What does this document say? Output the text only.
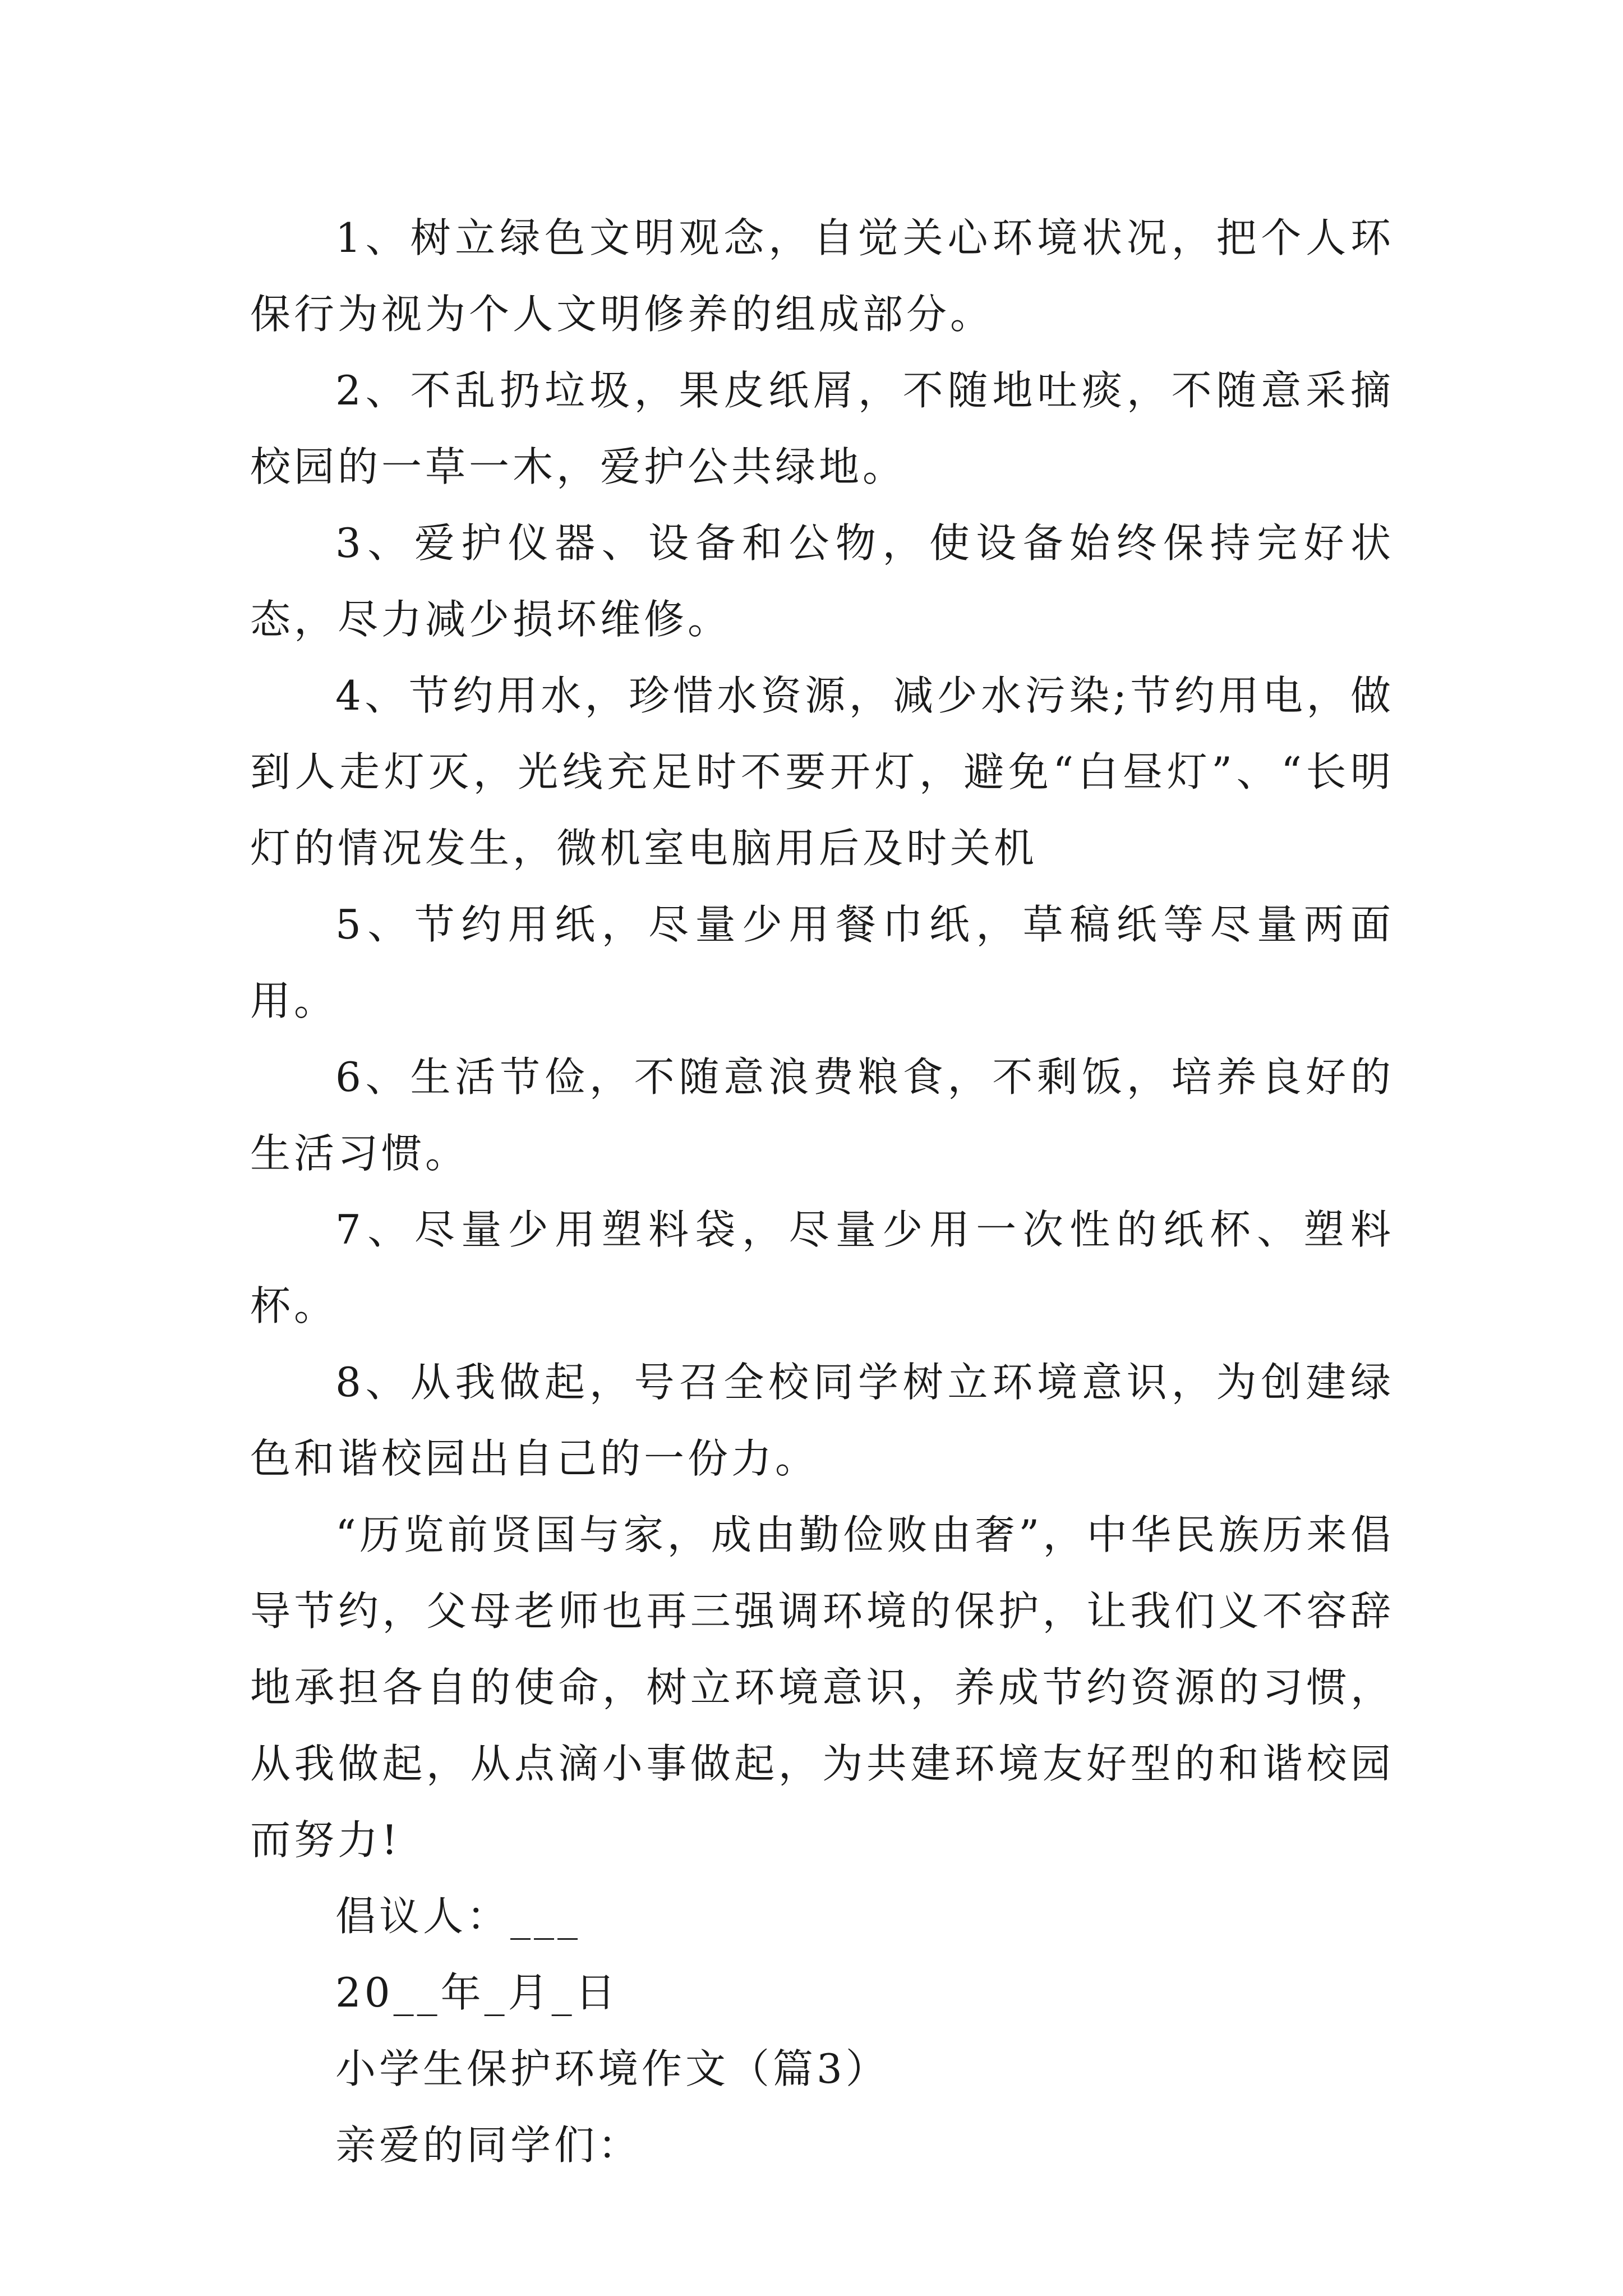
1、树立绿色文明观念，自觉关心环境状况，把个人环保行为视为个人文明修养的组成部分。

2、不乱扔垃圾，果皮纸屑，不随地吐痰，不随意采摘校园的一草一木，爱护公共绿地。

3、爱护仪器、设备和公物，使设备始终保持完好状态，尽力减少损坏维修。

4、节约用水，珍惜水资源，减少水污染;节约用电，做到人走灯灭，光线充足时不要开灯，避免“白昼灯”、“长明灯的情况发生，微机室电脑用后及时关机

5、节约用纸，尽量少用餐巾纸，草稿纸等尽量两面用。

6、生活节俭，不随意浪费粮食，不剩饭，培养良好的生活习惯。

7、尽量少用塑料袋，尽量少用一次性的纸杯、塑料杯。

8、从我做起，号召全校同学树立环境意识，为创建绿色和谐校园出自己的一份力。

“历览前贤国与家，成由勤俭败由奢”，中华民族历来倡导节约，父母老师也再三强调环境的保护，让我们义不容辞地承担各自的使命，树立环境意识，养成节约资源的习惯，从我做起，从点滴小事做起，为共建环境友好型的和谐校园而努力!

倡议人：___

20__年_月_日

小学生保护环境作文（篇3）

亲爱的同学们：
